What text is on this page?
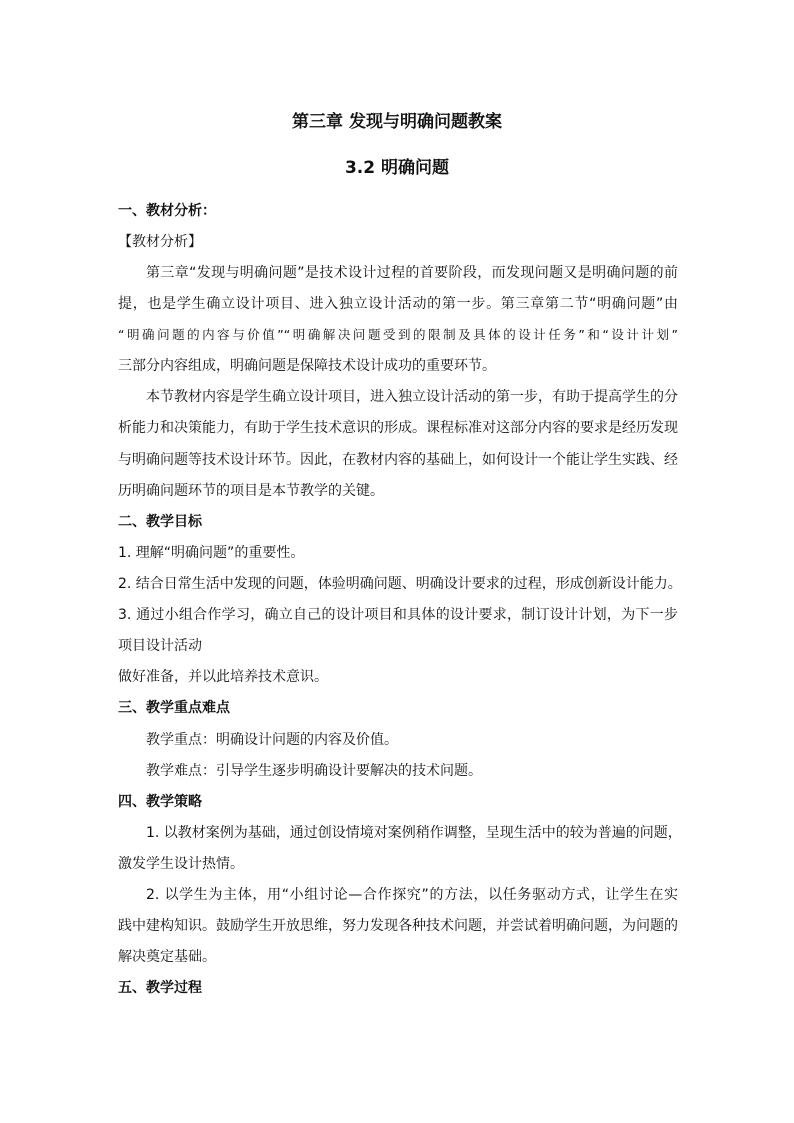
第三章 发现与明确问题教案
3.2 明确问题
一、教材分析：
【教材分析】
第三章“发现与明确问题”是技术设计过程的首要阶段，而发现问题又是明确问题的前
提，也是学生确立设计项目、进入独立设计活动的第一步。第三章第二节“明确问题”由
“明确问题的内容与价值”“明确解决问题受到的限制及具体的设计任务”和“设计计划”
三部分内容组成，明确问题是保障技术设计成功的重要环节。
本节教材内容是学生确立设计项目，进入独立设计活动的第一步，有助于提高学生的分
析能力和决策能力，有助于学生技术意识的形成。课程标准对这部分内容的要求是经历发现
与明确问题等技术设计环节。因此，在教材内容的基础上，如何设计一个能让学生实践、经
历明确问题环节的项目是本节教学的关键。
二、教学目标
1. 理解“明确问题”的重要性。
2. 结合日常生活中发现的问题，体验明确问题、明确设计要求的过程，形成创新设计能力。
3. 通过小组合作学习，确立自己的设计项目和具体的设计要求，制订设计计划，为下一步
项目设计活动
做好准备，并以此培养技术意识。
三、教学重点难点
教学重点：明确设计问题的内容及价值。
教学难点：引导学生逐步明确设计要解决的技术问题。
四、教学策略
1. 以教材案例为基础，通过创设情境对案例稍作调整，呈现生活中的较为普遍的问题，
激发学生设计热情。
2. 以学生为主体，用“小组讨论—合作探究”的方法，以任务驱动方式，让学生在实
践中建构知识。鼓励学生开放思维，努力发现各种技术问题，并尝试着明确问题，为问题的
解决奠定基础。
五、教学过程
